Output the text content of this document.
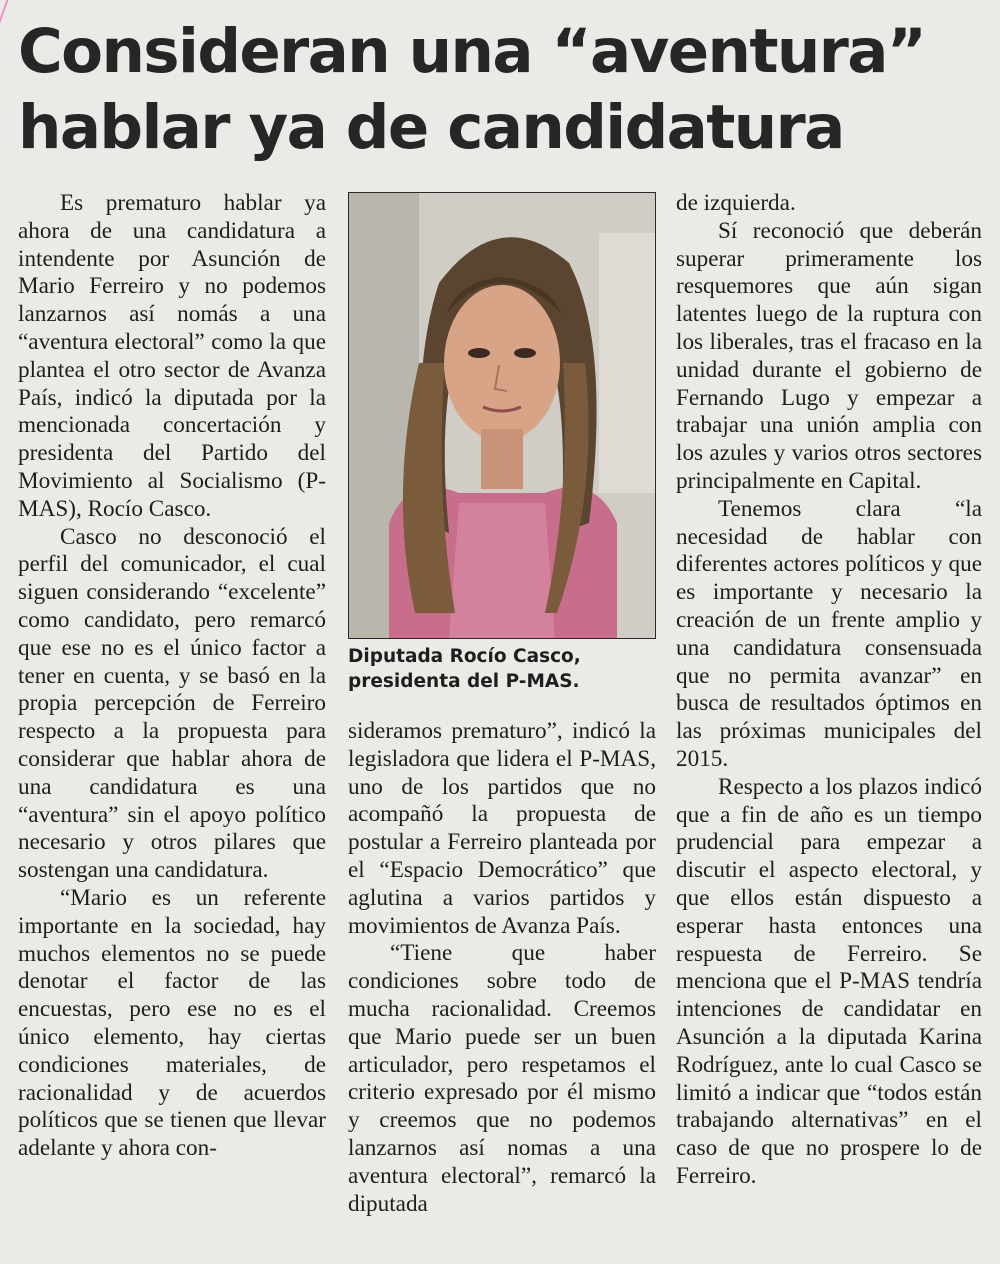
Consideran una “aventura”
hablar ya de candidatura

Es prematuro hablar ya ahora de una candidatura a intendente por Asunción de Mario Ferreiro y no podemos lanzarnos así nomás a una “aventura electoral” como la que plantea el otro sector de Avanza País, indicó la diputada por la mencionada concertación y presidenta del Partido del Movimiento al Socialismo (P-MAS), Rocío Casco.

Casco no desconoció el perfil del comunicador, el cual siguen considerando “excelente” como candidato, pero remarcó que ese no es el único factor a tener en cuenta, y se basó en la propia percepción de Ferreiro respecto a la propuesta para considerar que hablar ahora de una candidatura es una “aventura” sin el apoyo político necesario y otros pilares que sostengan una candidatura.

“Mario es un referente importante en la sociedad, hay muchos elementos no se puede denotar el factor de las encuestas, pero ese no es el único elemento, hay ciertas condiciones materiales, de racionalidad y de acuerdos políticos que se tienen que llevar adelante y ahora con-

Diputada Rocío Casco,
presidenta del P-MAS.

sideramos prematuro”, indicó la legisladora que lidera el P-MAS, uno de los partidos que no acompañó la propuesta de postular a Ferreiro planteada por el “Espacio Democrático” que aglutina a varios partidos y movimientos de Avanza País.

“Tiene que haber condiciones sobre todo de mucha racionalidad. Creemos que Mario puede ser un buen articulador, pero respetamos el criterio expresado por él mismo y creemos que no podemos lanzarnos así nomas a una aventura electoral”, remarcó la diputada

de izquierda.

Sí reconoció que deberán superar primeramente los resquemores que aún sigan latentes luego de la ruptura con los liberales, tras el fracaso en la unidad durante el gobierno de Fernando Lugo y empezar a trabajar una unión amplia con los azules y varios otros sectores principalmente en Capital.

Tenemos clara “la necesidad de hablar con diferentes actores políticos y que es importante y necesario la creación de un frente amplio y una candidatura consensuada que no permita avanzar” en busca de resultados óptimos en las próximas municipales del 2015.

Respecto a los plazos indicó que a fin de año es un tiempo prudencial para empezar a discutir el aspecto electoral, y que ellos están dispuesto a esperar hasta entonces una respuesta de Ferreiro. Se menciona que el P-MAS tendría intenciones de candidatar en Asunción a la diputada Karina Rodríguez, ante lo cual Casco se limitó a indicar que “todos están trabajando alternativas” en el caso de que no prospere lo de Ferreiro.
